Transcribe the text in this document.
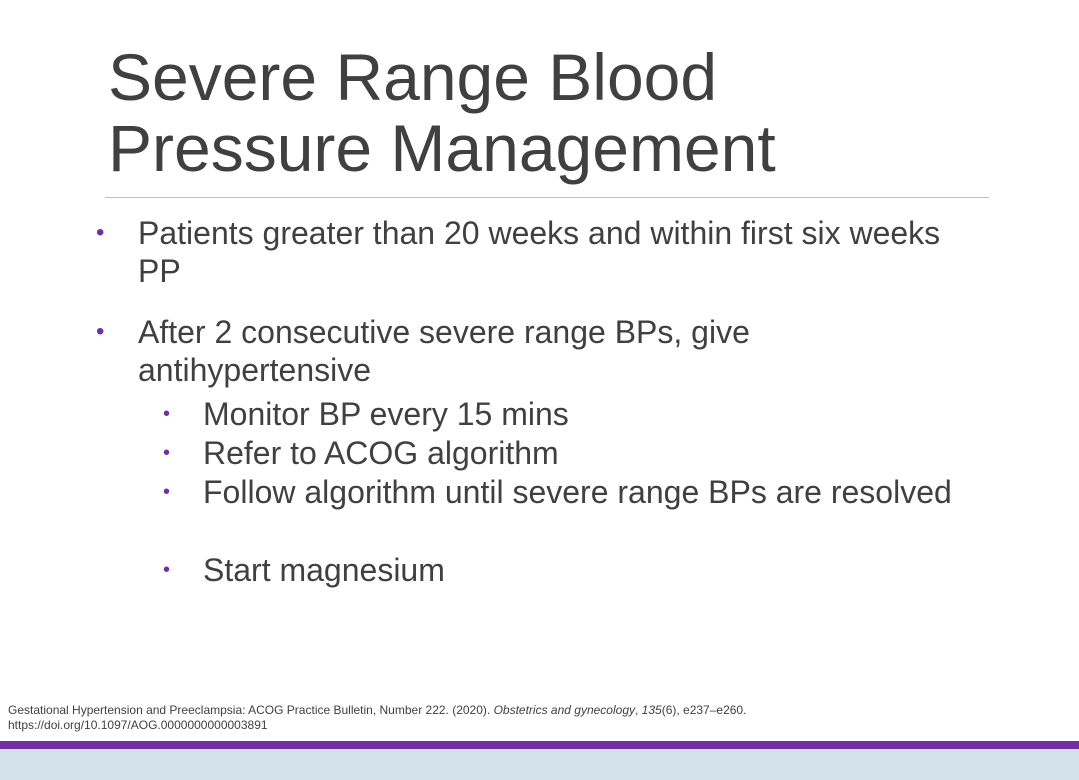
Severe Range Blood
Pressure Management
• Patients greater than 20 weeks and within first six weeks PP
• After 2 consecutive severe range BPs, give antihypertensive
• Monitor BP every 15 mins
• Refer to ACOG algorithm
• Follow algorithm until severe range BPs are resolved
• Start magnesium
Gestational Hypertension and Preeclampsia: ACOG Practice Bulletin, Number 222. (2020). Obstetrics and gynecology, 135(6), e237–e260.
https://doi.org/10.1097/AOG.0000000000003891
